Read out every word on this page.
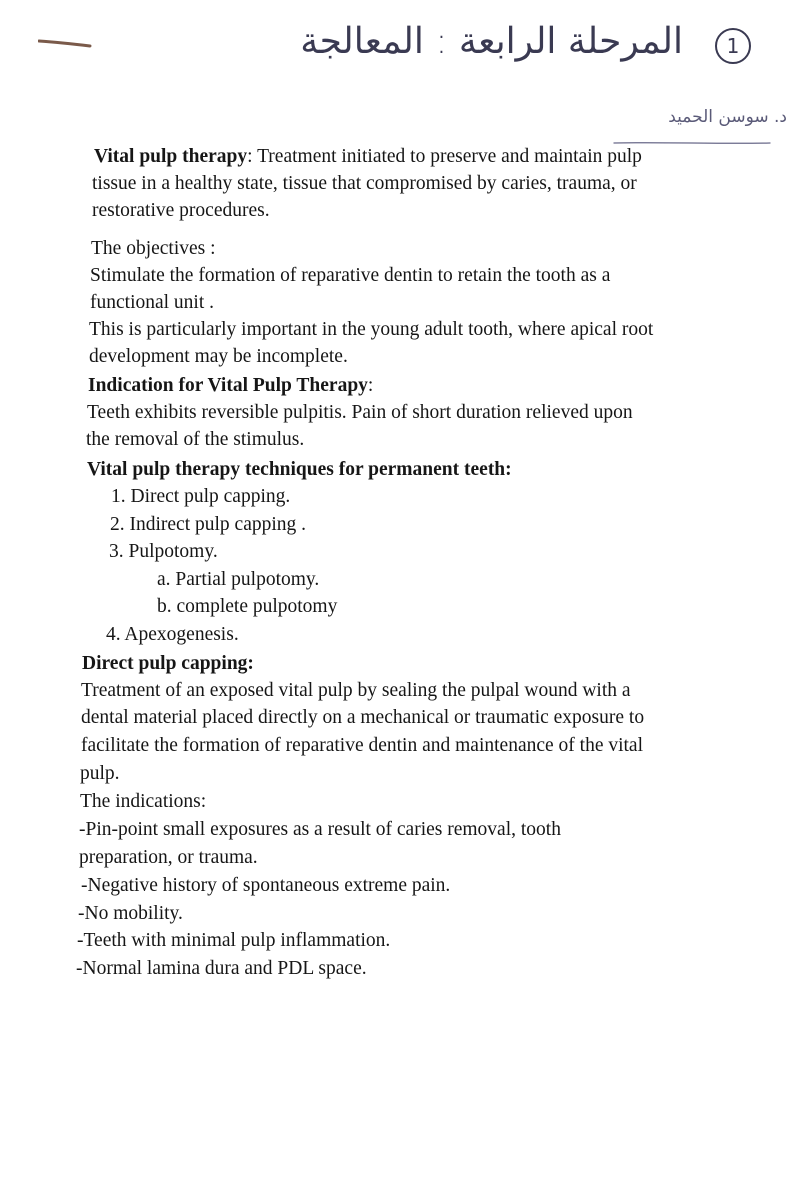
المرحلة الرابعة : المعالجة	1
د. سوسن الحميد
Vital pulp therapy: Treatment initiated to preserve and maintain pulp
tissue in a healthy state, tissue that compromised by caries, trauma, or
restorative procedures.
The objectives :
Stimulate the formation of reparative dentin to retain the tooth as a
functional unit .
This is particularly important in the young adult tooth, where apical root
development may be incomplete.
Indication for Vital Pulp Therapy:
Teeth exhibits reversible pulpitis. Pain of short duration relieved upon
the removal of the stimulus.
Vital pulp therapy techniques for permanent teeth:
1. Direct pulp capping.
2. Indirect pulp capping .
3. Pulpotomy.
a. Partial pulpotomy.
b. complete pulpotomy
4. Apexogenesis.
Direct pulp capping:
Treatment of an exposed vital pulp by sealing the pulpal wound with a
dental material placed directly on a mechanical or traumatic exposure to
facilitate the formation of reparative dentin and maintenance of the vital
pulp.
The indications:
-Pin-point small exposures as a result of caries removal, tooth
preparation, or trauma.
-Negative history of spontaneous extreme pain.
-No mobility.
-Teeth with minimal pulp inflammation.
-Normal lamina dura and PDL space.
